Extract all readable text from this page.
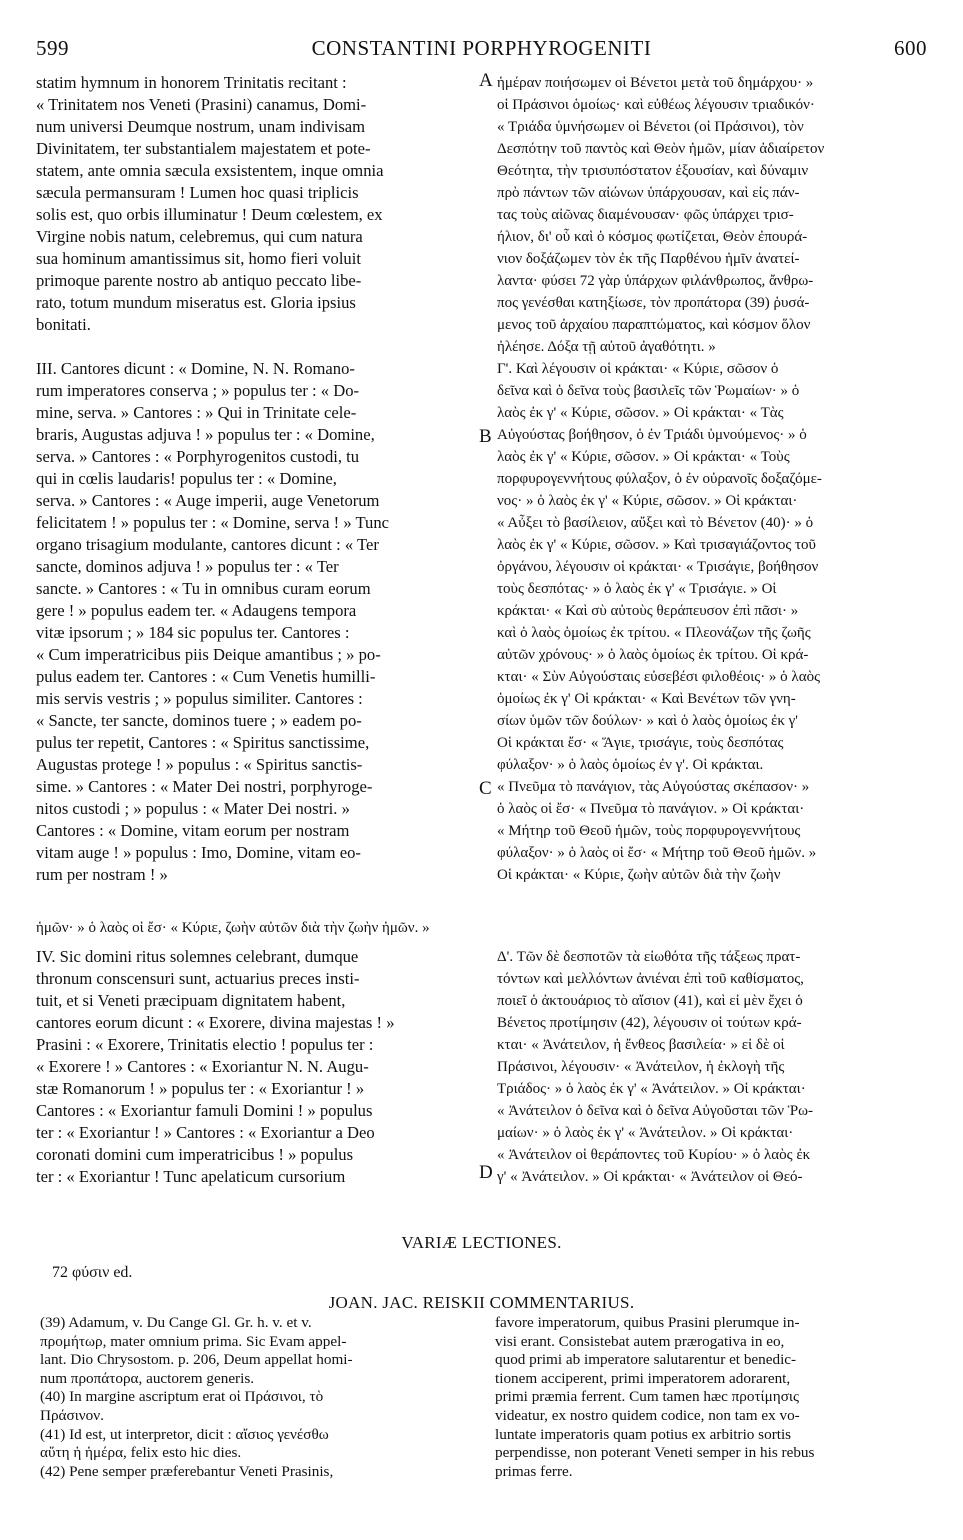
599	CONSTANTINI PORPHYROGENITI	600
statim hymnum in honorem Trinitatis recitant :
« Trinitatem nos Veneti (Prasini) canamus, Domi-
num universi Deumque nostrum, unam indivisam
Divinitatem, ter substantialem majestatem et pote-
statem, ante omnia sæcula exsistentem, inque omnia
sæcula permansuram ! Lumen hoc quasi triplicis
solis est, quo orbis illuminatur ! Deum cœlestem, ex
Virgine nobis natum, celebremus, qui cum natura
sua hominum amantissimus sit, homo fieri voluit
primoque parente nostro ab antiquo peccato libe-
rato, totum mundum miseratus est. Gloria ipsius
bonitati.

III. Cantores dicunt : « Domine, N. N. Romano-
rum imperatores conserva ; » populus ter : « Do-
mine, serva. » Cantores : » Qui in Trinitate cele-
braris, Augustas adjuva ! » populus ter : « Domine,
serva. » Cantores : « Porphyrogenitos custodi, tu
qui in cœlis laudaris! populus ter : « Domine,
serva. » Cantores : « Auge imperii, auge Venetorum
felicitatem ! » populus ter : « Domine, serva ! » Tunc
organo trisagium modulante, cantores dicunt : « Ter
sancte, dominos adjuva ! » populus ter : « Ter
sancte. » Cantores : « Tu in omnibus curam eorum
gere ! » populus eadem ter. « Adaugens tempora
vitæ ipsorum ; » 184 sic populus ter. Cantores :
« Cum imperatricibus piis Deique amantibus ; » po-
pulus eadem ter. Cantores : « Cum Venetis humilli-
mis servis vestris ; » populus similiter. Cantores :
« Sancte, ter sancte, dominos tuere ; » eadem po-
pulus ter repetit, Cantores : « Spiritus sanctissime,
Augustas protege ! » populus : « Spiritus sanctis-
sime. » Cantores : « Mater Dei nostri, porphyroge-
nitos custodi ; » populus : « Mater Dei nostri. »
Cantores : « Domine, vitam eorum per nostram
vitam auge ! » populus : Imo, Domine, vitam eo-
rum per nostram ! »
ἡμέραν ποιήσωμεν οἱ Βένετοι μετὰ τοῦ δημάρχου· »
οἱ Πράσινοι ὁμοίως· καὶ εὐθέως λέγουσιν τριαδικόν·
« Τριάδα ὑμνήσωμεν οἱ Βένετοι (οἱ Πράσινοι), τὸν
Δεσπότην τοῦ παντὸς καὶ Θεὸν ἡμῶν, μίαν ἀδιαίρετον
Θεότητα, τὴν τρισυπόστατον ἐξουσίαν, καὶ δύναμιν
πρὸ πάντων τῶν αἰώνων ὑπάρχουσαν, καὶ εἰς πάν-
τας τοὺς αἰῶνας διαμένουσαν· φῶς ὑπάρχει τρισ-
ήλιον, δι' οὗ καὶ ὁ κόσμος φωτίζεται, Θεὸν ἐπουρά-
νιον δοξάζωμεν τὸν ἐκ τῆς Παρθένου ἡμῖν ἀνατεί-
λαντα· φύσει 72 γὰρ ὑπάρχων φιλάνθρωπος, ἄνθρω-
πος γενέσθαι κατηξίωσε, τὸν προπάτορα (39) ῥυσά-
μενος τοῦ ἀρχαίου παραπτώματος, καὶ κόσμον ὅλον
ἠλέησε. Δόξα τῇ αὐτοῦ ἀγαθότητι. »
Γ'. Καὶ λέγουσιν οἱ κράκται· « Κύριε, σῶσον ὁ
δεῖνα καὶ ὁ δεῖνα τοὺς βασιλεῖς τῶν Ῥωμαίων· » ὁ
λαὸς ἐκ γ' « Κύριε, σῶσον. » Οἱ κράκται· « Τὰς
Αὐγούστας βοήθησον, ὁ ἐν Τριάδι ὑμνούμενος· » ὁ
λαὸς ἐκ γ' « Κύριε, σῶσον. » Οἱ κράκται· « Τοὺς
πορφυρογεννήτους φύλαξον, ὁ ἐν οὐρανοῖς δοξαζόμε-
νος· » ὁ λαὸς ἐκ γ' « Κύριε, σῶσον. » Οἱ κράκται·
« Αὖξει τὸ βασίλειον, αὔξει καὶ τὸ Βένετον (40)· » ὁ
λαὸς ἐκ γ' « Κύριε, σῶσον. » Καὶ τρισαγιάζοντος τοῦ
ὀργάνου, λέγουσιν οἱ κράκται· « Τρισάγιε, βοήθησον
τοὺς δεσπότας· » ὁ λαὸς ἐκ γ' « Τρισάγιε. » Οἱ
κράκται· « Καὶ σὺ αὐτοὺς θεράπευσον ἐπὶ πᾶσι· »
καὶ ὁ λαὸς ὁμοίως ἐκ τρίτου. « Πλεονάζων τῆς ζωῆς
αὐτῶν χρόνους· » ὁ λαὸς ὁμοίως ἐκ τρίτου. Οἱ κρά-
κται· « Σὺν Αὐγούσταις εὐσεβέσι φιλοθέοις· » ὁ λαὸς
ὁμοίως ἐκ γ' Οἱ κράκται· « Καὶ Βενέτων τῶν γνη-
σίων ὑμῶν τῶν δούλων· » καὶ ὁ λαὸς ὁμοίως ἐκ γ'
Οἱ κράκται ἔσ· « Ἅγιε, τρισάγιε, τοὺς δεσπότας
φύλαξον· » ὁ λαὸς ὁμοίως ἐν γ'. Οἱ κράκται.
« Πνεῦμα τὸ πανάγιον, τὰς Αὐγούστας σκέπασον· »
ὁ λαὸς οἱ ἔσ· « Πνεῦμα τὸ πανάγιον. » Οἱ κράκται·
« Μήτηρ τοῦ Θεοῦ ἡμῶν, τοὺς πορφυρογεννήτους
φύλαξον· » ὁ λαὸς οἱ ἔσ· « Μήτηρ τοῦ Θεοῦ ἡμῶν. »
Οἱ κράκται· « Κύριε, ζωὴν αὐτῶν διὰ τὴν ζωὴν
A
B
C
D
ἡμῶν· » ὁ λαὸς οἱ ἔσ· « Κύριε, ζωὴν αὐτῶν διὰ τὴν ζωὴν ἡμῶν. »
IV. Sic domini ritus solemnes celebrant, dumque
thronum conscensuri sunt, actuarius preces insti-
tuit, et si Veneti præcipuam dignitatem habent,
cantores eorum dicunt : « Exorere, divina majestas ! »
Prasini : « Exorere, Trinitatis electio ! populus ter :
« Exorere ! » Cantores : « Exoriantur N. N. Augu-
stæ Romanorum ! » populus ter : « Exoriantur ! »
Cantores : « Exoriantur famuli Domini ! » populus
ter : « Exoriantur ! » Cantores : « Exoriantur a Deo
coronati domini cum imperatricibus ! » populus
ter : « Exoriantur ! Tunc apelaticum cursorium
Δ'. Τῶν δὲ δεσποτῶν τὰ εἰωθότα τῆς τάξεως πρατ-
τόντων καὶ μελλόντων ἀνιέναι ἐπὶ τοῦ καθίσματος,
ποιεῖ ὁ ἀκτουάριος τὸ αἴσιον (41), καὶ εἰ μὲν ἔχει ὁ
Βένετος προτίμησιν (42), λέγουσιν οἱ τούτων κρά-
κται· « Ἀνάτειλον, ἡ ἔνθεος βασιλεία· » εἰ δὲ οἱ
Πράσινοι, λέγουσιν· « Ἀνάτειλον, ἡ ἐκλογὴ τῆς
Τριάδος· » ὁ λαὸς ἐκ γ' « Ἀνάτειλον. » Οἱ κράκται·
« Ἀνάτειλον ὁ δεῖνα καὶ ὁ δεῖνα Αὐγοῦσται τῶν Ῥω-
μαίων· » ὁ λαὸς ἐκ γ' « Ἀνάτειλον. » Οἱ κράκται·
« Ἀνάτειλον οἱ θεράποντες τοῦ Κυρίου· » ὁ λαὸς ἐκ
γ' « Ἀνάτειλον. » Οἱ κράκται· « Ἀνάτειλον οἱ Θεό-
VARIÆ LECTIONES.
72 φύσιν ed.
JOAN. JAC. REISKII COMMENTARIUS.
(39) Adamum, v. Du Cange Gl. Gr. h. v. et v.
προμήτωρ, mater omnium prima. Sic Evam appel-
lant. Dio Chrysostom. p. 206, Deum appellat homi-
num προπάτορα, auctorem generis.
(40) In margine ascriptum erat οἱ Πράσινοι, τὸ
Πράσινον.
(41) Id est, ut interpretor, dicit : αἴσιος γενέσθω
αὕτη ἡ ἡμέρα, felix esto hic dies.
(42) Pene semper præferebantur Veneti Prasinis,
favore imperatorum, quibus Prasini plerumque in-
visi erant. Consistebat autem prærogativa in eo,
quod primi ab imperatore salutarentur et benedic-
tionem acciperent, primi imperatorem adorarent,
primi præmia ferrent. Cum tamen hæc προτίμησις
videatur, ex nostro quidem codice, non tam ex vo-
luntate imperatoris quam potius ex arbitrio sortis
perpendisse, non poterant Veneti semper in his rebus
primas ferre.
